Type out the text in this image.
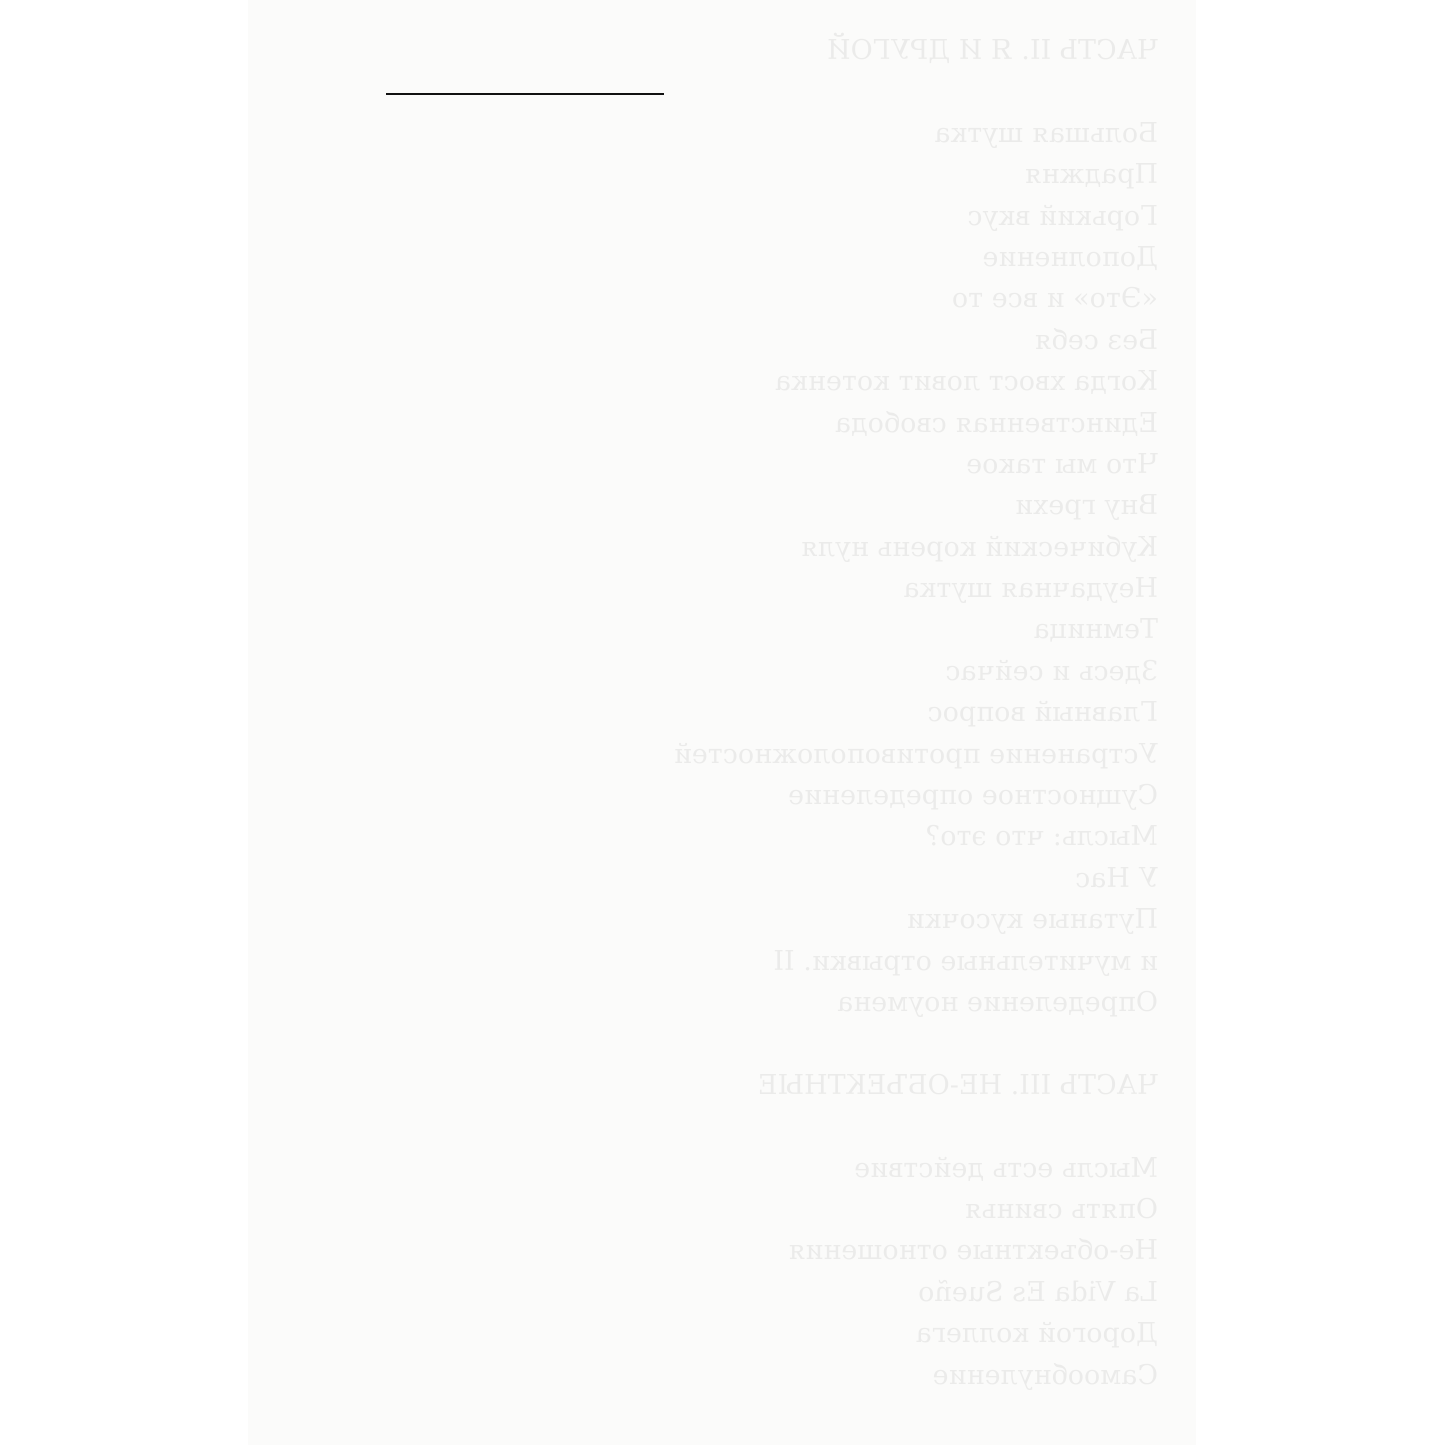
ЧАСТЬ II. Я И ДРУГОЙ

Большая шутка
Праджня
Горький вкус
Дополнение
«Это» и все то
Без себя
Когда хвост ловит котенка
Единственная свобода
Что мы такое
Вну грехи
Кубический корень нуля
Неудачная шутка
Темница
Здесь и сейчас
Главный вопрос
Устранение противоположностей
Сущностное определение
Мысль: что это?
У Нас
Путаные кусочки
и мучительные отрывки. II
Определение ноумена

ЧАСТЬ III. НЕ-ОБЪЕКТНЫЕ

Мысль есть действие
Опять свинья
Не-объектные отношения
La Vida Es Sueño
Дорогой коллега
Самообнуление
